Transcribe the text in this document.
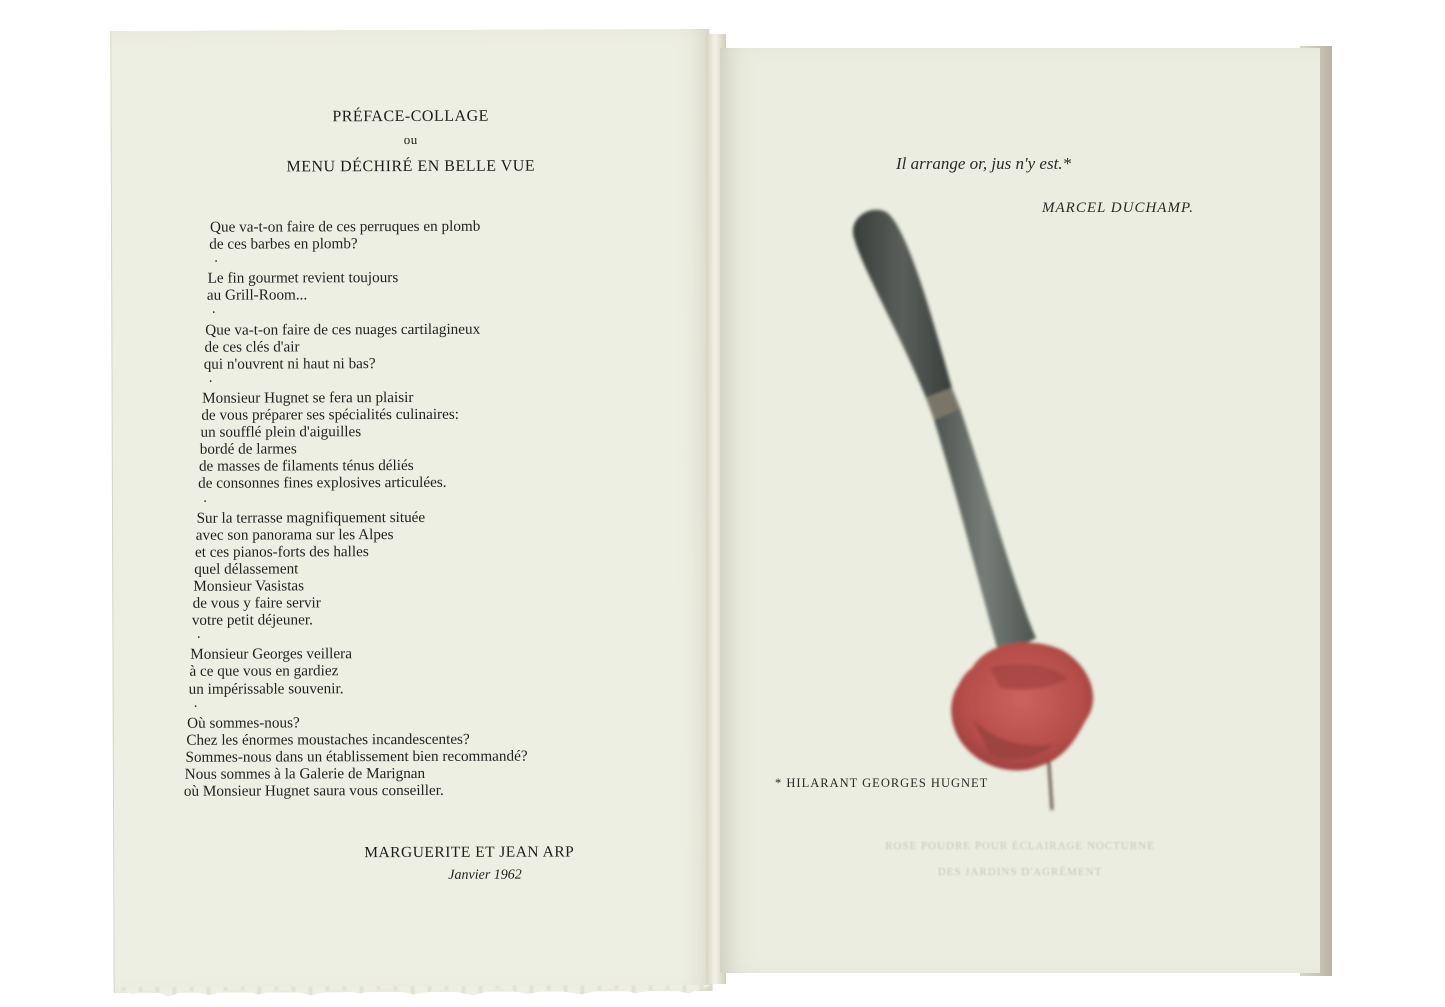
PRÉFACE-COLLAGE
ou
MENU DÉCHIRÉ EN BELLE VUE
Que va-t-on faire de ces perruques en plomb
de ces barbes en plomb?
.
Le fin gourmet revient toujours
au Grill-Room...
.
Que va-t-on faire de ces nuages cartilagineux
de ces clés d'air
qui n'ouvrent ni haut ni bas?
.
Monsieur Hugnet se fera un plaisir
de vous préparer ses spécialités culinaires:
un soufflé plein d'aiguilles
bordé de larmes
de masses de filaments ténus déliés
de consonnes fines explosives articulées.
.
Sur la terrasse magnifiquement située
avec son panorama sur les Alpes
et ces pianos-forts des halles
quel délassement
Monsieur Vasistas
de vous y faire servir
votre petit déjeuner.
.
Monsieur Georges veillera
à ce que vous en gardiez
un impérissable souvenir.
.
Où sommes-nous?
Chez les énormes moustaches incandescentes?
Sommes-nous dans un établissement bien recommandé?
Nous sommes à la Galerie de Marignan
où Monsieur Hugnet saura vous conseiller.
MARGUERITE ET JEAN ARP
Janvier 1962
Il arrange or, jus n'y est.*
MARCEL DUCHAMP.
* HILARANT GEORGES HUGNET
ROSE POUDRE POUR ÉCLAIRAGE NOCTURNE
DES JARDINS D'AGRÉMENT
